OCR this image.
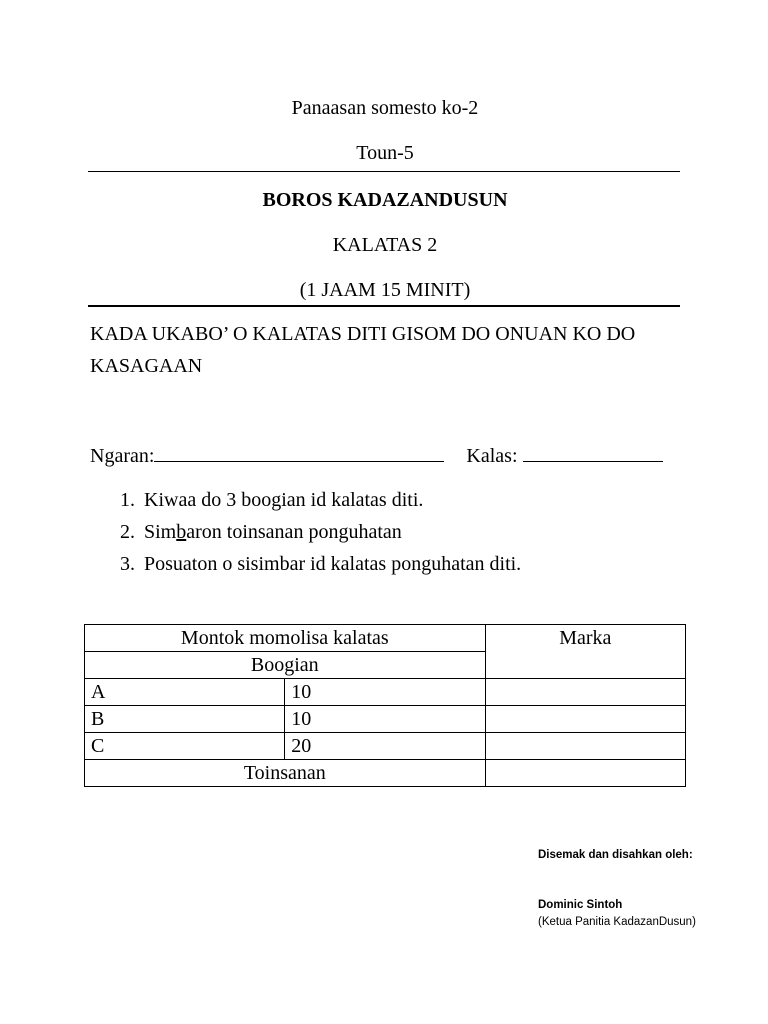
Panaasan somesto ko-2
Toun-5
BOROS KADAZANDUSUN
KALATAS 2
(1 JAAM 15 MINIT)
KADA UKABO’ O KALATAS DITI GISOM DO ONUAN KO DO
KASAGAAN
Ngaran:	Kalas:
1. Kiwaa do 3 boogian id kalatas diti.
2. Simbaron toinsanan ponguhatan
3. Posuaton o sisimbar id kalatas ponguhatan diti.
Montok momolisa kalatas		Marka
Boogian		
A	10	
B	10	
C	20	
Toinsanan		
Disemak dan disahkan oleh:
Dominic Sintoh
(Ketua Panitia KadazanDusun)
